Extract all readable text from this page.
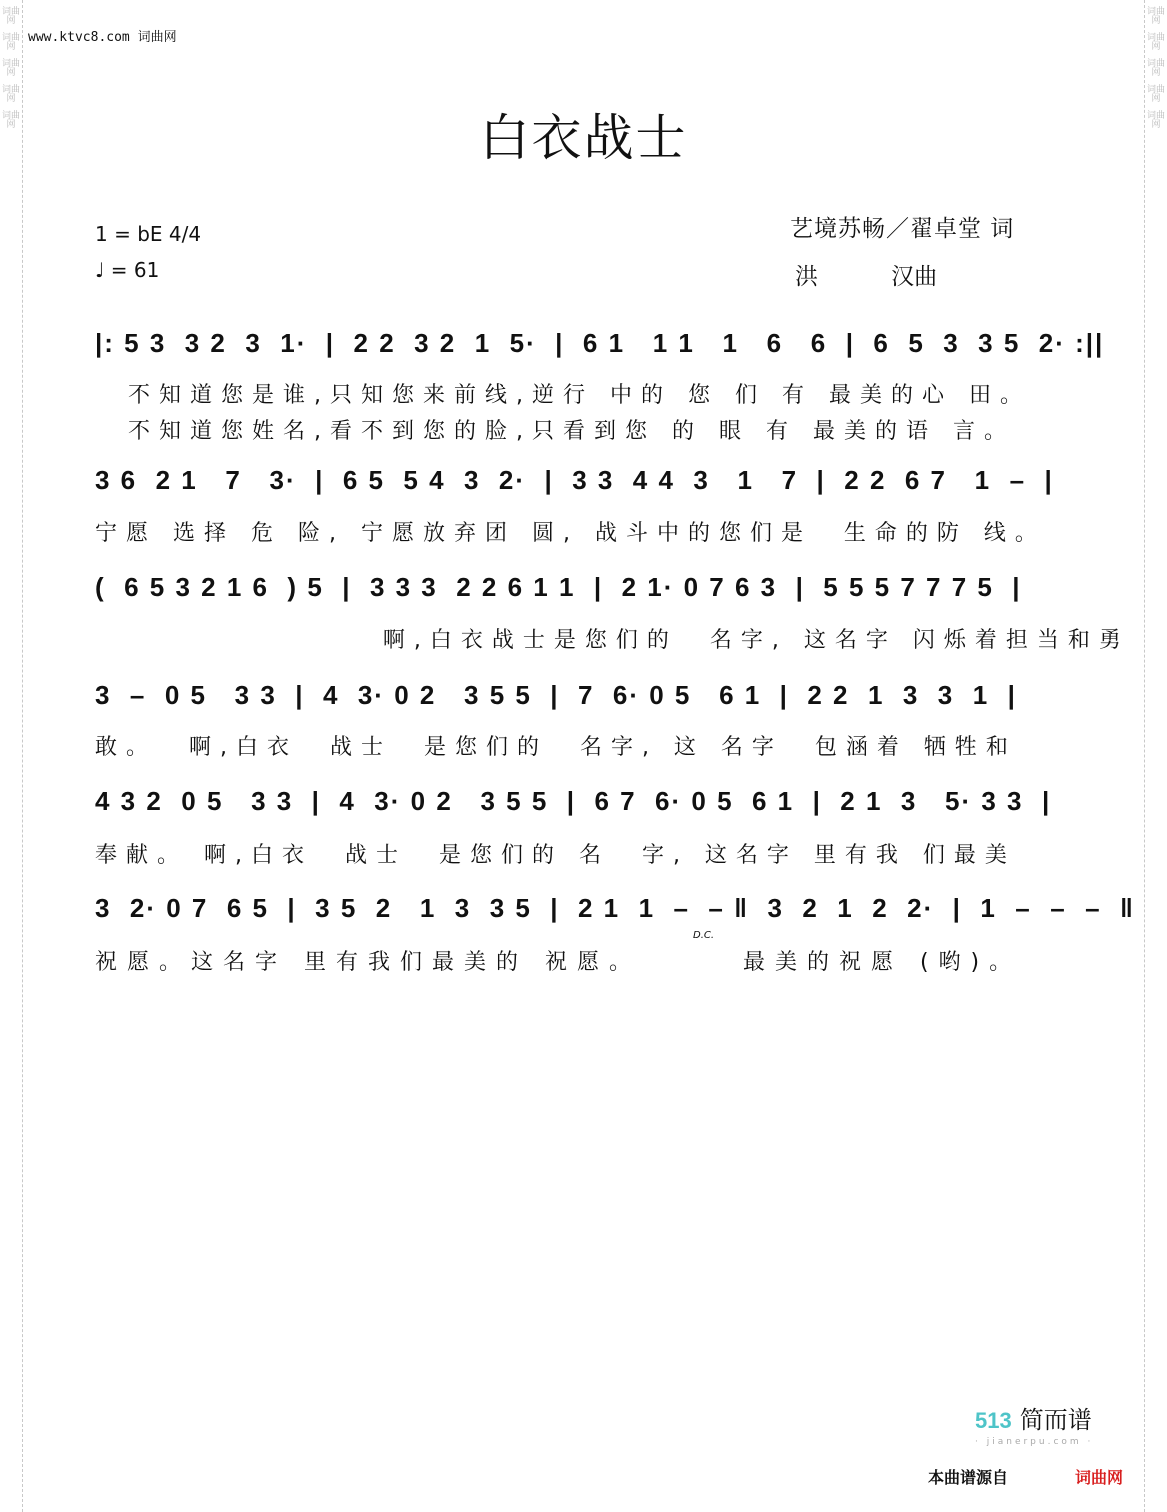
词曲网
词曲网
词曲网
词曲网
词曲网
词曲网
词曲网
词曲网
词曲网
词曲网
www.ktvc8.com 词曲网
白衣战士
1 = bE 4/4
♩ = 61
艺境苏畅／翟卓堂 词
洪          汉曲
|: 5 3  3 2  3  1·  |  2 2  3 2  1  5·  |  6 1   1 1   1   6   6  |  6  5  3  3 5  2· :||
不知道您是谁,只知您来前线,逆行 中的 您 们 有 最美的心 田。
不知道您姓名,看不到您的脸,只看到您 的 眼 有 最美的语 言。
3 6  2 1   7   3·  |  6 5  5 4  3  2·  |  3 3  4 4  3   1   7  |  2 2  6 7   1  –  |
宁愿 选择 危 险, 宁愿放弃团 圆, 战斗中的您们是  生命的防 线。
(  6 5 3 2 1 6  ) 5  |  3 3 3  2 2 6 1 1  |  2 1· 0 7 6 3  |  5 5 5 7 7 7 5  |
啊,白衣战士是您们的  名字, 这名字 闪烁着担当和勇
3  –  0 5   3 3  |  4  3· 0 2   3 5 5  |  7  6· 0 5   6 1  |  2 2  1  3  3  1  |
敢。  啊,白衣  战士  是您们的  名字, 这 名字  包涵着 牺牲和
4 3 2  0 5   3 3  |  4  3· 0 2   3 5 5  |  6 7  6· 0 5  6 1  |  2 1  3   5· 3 3  |
奉献。 啊,白衣  战士  是您们的 名  字, 这名字 里有我 们最美
3  2· 0 7  6 5  |  3 5  2   1  3  3 5  |  2 1  1  –  – ‖  3  2  1  2  2·  |  1  –  –  –  ‖
D.C.
祝愿。这名字 里有我们最美的 祝愿。      最美的祝愿 (哟)。
513 简而谱
· jianerpu.com ·
本曲谱源自	词曲网
